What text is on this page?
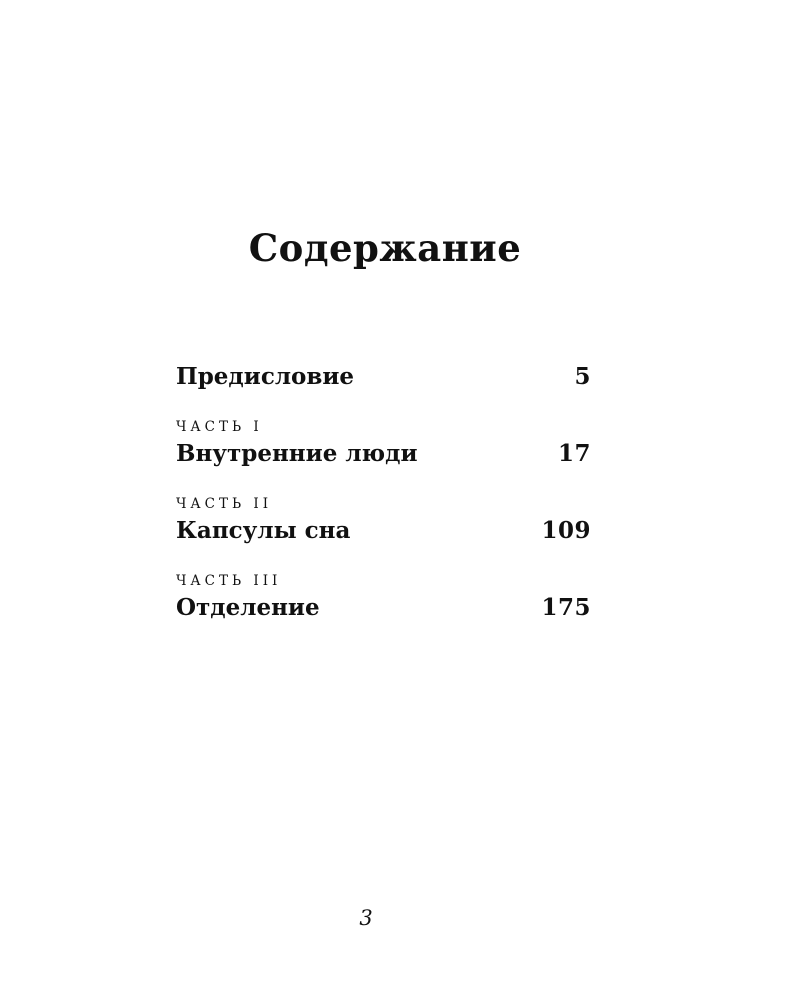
Содержание
Предисловие	5
ЧАСТЬ I
Внутренние люди	17
ЧАСТЬ II
Капсулы сна	109
ЧАСТЬ III
Отделение	175
3
